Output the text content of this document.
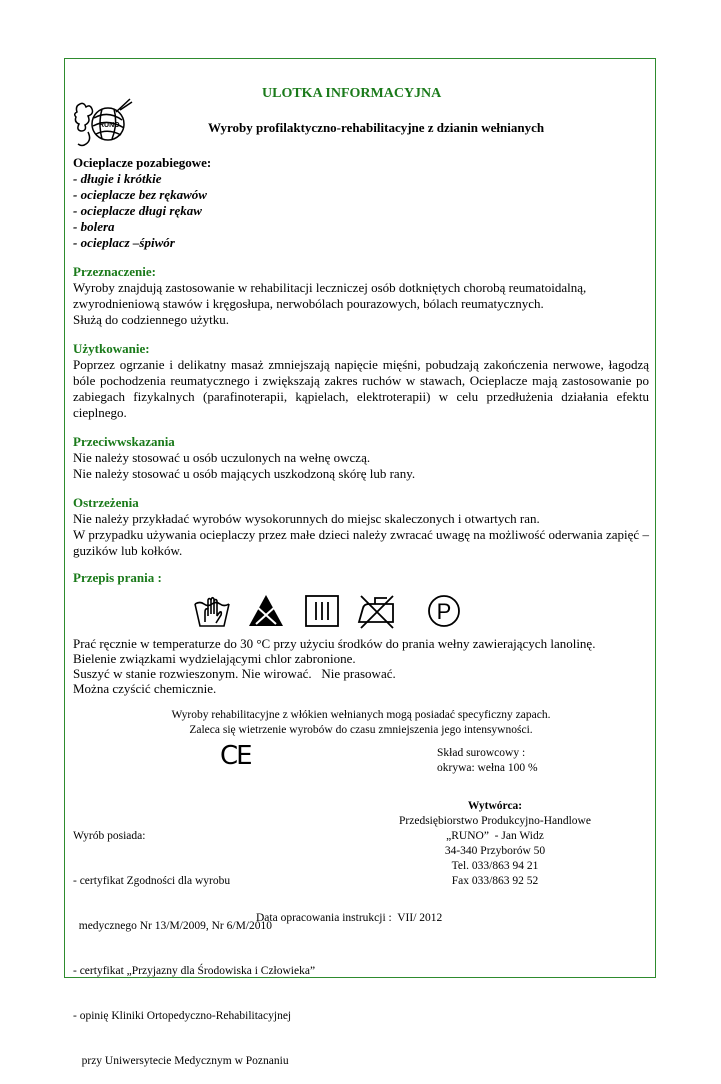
ULOTKA INFORMACYJNA
RUNO	Wyroby profilaktyczno-rehabilitacyjne z dzianin wełnianych
Ocieplacze pozabiegowe:
- długie i krótkie
- ocieplacze bez rękawów
- ocieplacze długi rękaw
- bolera
- ocieplacz –śpiwór
Przeznaczenie:
Wyroby znajdują zastosowanie w rehabilitacji leczniczej osób dotkniętych chorobą reumatoidalną,
zwyrodnieniową stawów i kręgosłupa, nerwobólach pourazowych, bólach reumatycznych.
Służą do codziennego użytku.
Użytkowanie:
Poprzez ogrzanie i delikatny masaż zmniejszają napięcie mięśni, pobudzają zakończenia nerwowe, łagodzą bóle pochodzenia reumatycznego i zwiększają zakres ruchów w stawach, Ocieplacze mają zastosowanie po zabiegach fizykalnych (parafinoterapii, kąpielach, elektroterapii) w celu przedłużenia działania efektu cieplnego.
Przeciwwskazania
Nie należy stosować u osób uczulonych na wełnę owczą.
Nie należy stosować u osób mających uszkodzoną skórę lub rany.
Ostrzeżenia
Nie należy przykładać wyrobów wysokorunnych do miejsc skaleczonych i otwartych ran.
W przypadku używania ocieplaczy przez małe dzieci należy zwracać uwagę na możliwość oderwania zapięć – guzików lub kołków.
Przepis prania :
P
Prać ręcznie w temperaturze do 30 °C przy użyciu środków do prania wełny zawierających lanolinę.
Bielenie związkami wydzielającymi chlor zabronione.
Suszyć w stanie rozwieszonym. Nie wirować.   Nie prasować.
Można czyścić chemicznie.
Wyroby rehabilitacyjne z włókien wełnianych mogą posiadać specyficzny zapach.
Zaleca się wietrzenie wyrobów do czasu zmniejszenia jego intensywności.
CE	Skład surowcowy :
okrywa: wełna 100 %

Wyrób posiada:

- certyfikat Zgodności dla wyrobu

medycznego Nr 13/M/2009, Nr 6/M/2010

- certyfikat „Przyjazny dla Środowiska i Człowieka”

- opinię Kliniki Ortopedyczno-Rehabilitacyjnej

przy Uniwersytecie Medycznym w Poznaniu

Wytwórca:
Przedsiębiorstwo Produkcyjno-Handlowe
„RUNO”  - Jan Widz
34-340 Przyborów 50
Tel. 033/863 94 21
Fax 033/863 92 52
Data opracowania instrukcji :  VII/ 2012
